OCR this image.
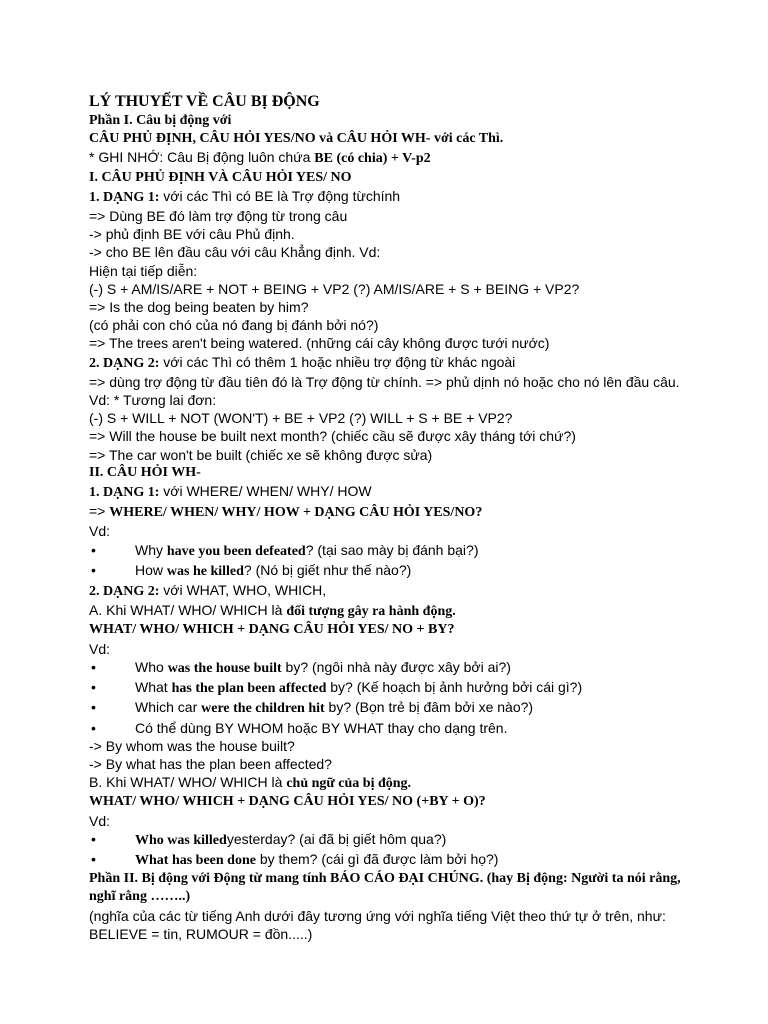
LÝ THUYẾT VỀ CÂU BỊ ĐỘNG
Phần I. Câu bị động với
CÂU PHỦ ĐỊNH, CÂU HỎI YES/NO và CÂU HỎI WH- với các Thì.
* GHI NHỚ: Câu Bị động luôn chứa BE (có chia) + V-p2
I. CÂU PHỦ ĐỊNH VÀ CÂU HỎI YES/ NO
1. DẠNG 1: với các Thì có BE là Trợ động từchính
=> Dùng BE đó làm trợ động từ trong câu
-> phủ định BE với câu Phủ định.
-> cho BE lên đầu câu với câu Khẳng định. Vd:
Hiện tại tiếp diễn:
(-) S + AM/IS/ARE + NOT + BEING + VP2 (?) AM/IS/ARE + S + BEING + VP2?
=> Is the dog being beaten by him?
(có phải con chó của nó đang bị đánh bởi nó?)
=> The trees aren't being watered. (những cái cây không được tưới nước)
2. DẠNG 2: với các Thì có thêm 1 hoặc nhiều trợ động từ khác ngoài
=> dùng trợ động từ đầu tiên đó là Trợ động từ chính. => phủ dịnh nó hoặc cho nó lên đầu câu.
Vd: * Tương lai đơn:
(-) S + WILL + NOT (WON'T) + BE + VP2 (?) WILL + S + BE + VP2?
=> Will the house be built next month? (chiếc cầu sẽ được xây tháng tới chứ?)
=> The car won't be built (chiếc xe sẽ không được sửa)
II. CÂU HỎI WH-
1. DẠNG 1: với WHERE/ WHEN/ WHY/ HOW
=> WHERE/ WHEN/ WHY/ HOW + DẠNG CÂU HỎI YES/NO?
Vd:
•	Why have you been defeated? (tại sao mày bị đánh bại?)
•	How was he killed? (Nó bị giết như thế nào?)
2. DẠNG 2: với WHAT, WHO, WHICH,
A. Khi WHAT/ WHO/ WHICH là đối tượng gây ra hành động.
WHAT/ WHO/ WHICH + DẠNG CÂU HỎI YES/ NO + BY?
Vd:
•	Who was the house built by? (ngôi nhà này được xây bởi ai?)
•	What has the plan been affected by? (Kế hoạch bị ảnh hưởng bởi cái gì?)
•	Which car were the children hit by? (Bọn trẻ bị đâm bởi xe nào?)
•	Có thể dùng BY WHOM hoặc BY WHAT thay cho dạng trên.
-> By whom was the house built?
-> By what has the plan been affected?
B. Khi WHAT/ WHO/ WHICH là chủ ngữ của bị động.
WHAT/ WHO/ WHICH + DẠNG CÂU HỎI YES/ NO (+BY + O)?
Vd:
•	Who was killedyesterday? (ai đã bị giết hôm qua?)
•	What has been done by them? (cái gì đã được làm bởi họ?)
Phần II. Bị động với Động từ mang tính BÁO CÁO ĐẠI CHÚNG. (hay Bị động: Người ta nói rằng, nghĩ rằng ……..)
(nghĩa của các từ tiếng Anh dưới đây tương ứng với nghĩa tiếng Việt theo thứ tự ở trên, như: BELIEVE = tin, RUMOUR = đồn.....)
